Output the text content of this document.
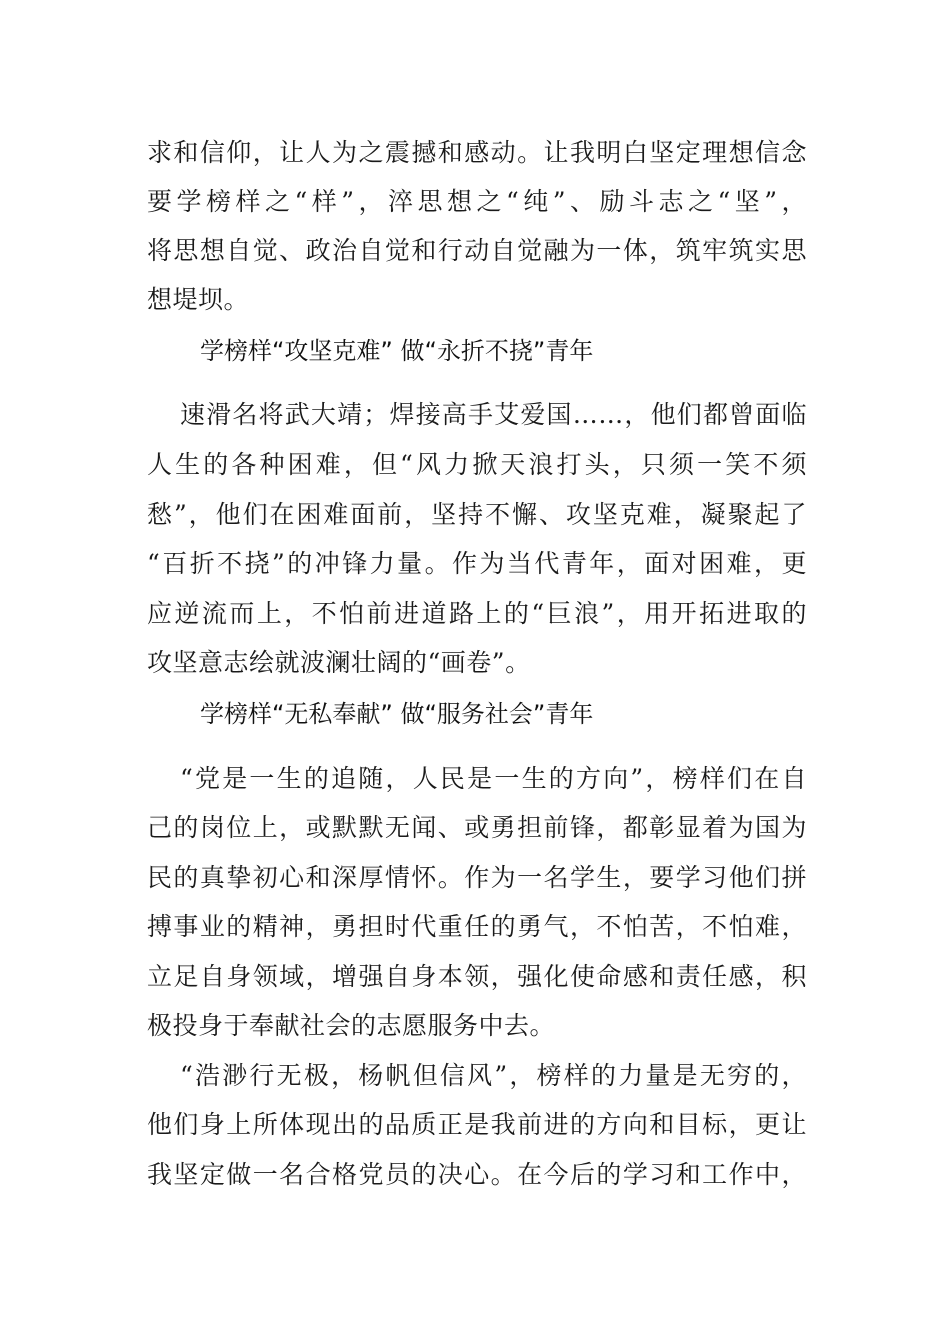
求和信仰，让人为之震撼和感动。让我明白坚定理想信念
要学榜样之“样”，淬思想之“纯”、励斗志之“坚”，
将思想自觉、政治自觉和行动自觉融为一体，筑牢筑实思
想堤坝。
学榜样“攻坚克难” 做“永折不挠”青年
速滑名将武大靖；焊接高手艾爱国……，他们都曾面临
人生的各种困难，但“风力掀天浪打头，只须一笑不须
愁”，他们在困难面前，坚持不懈、攻坚克难，凝聚起了
“百折不挠”的冲锋力量。作为当代青年，面对困难，更
应逆流而上，不怕前进道路上的“巨浪”，用开拓进取的
攻坚意志绘就波澜壮阔的“画卷”。
学榜样“无私奉献” 做“服务社会”青年
“党是一生的追随，人民是一生的方向”，榜样们在自
己的岗位上，或默默无闻、或勇担前锋，都彰显着为国为
民的真挚初心和深厚情怀。作为一名学生，要学习他们拼
搏事业的精神，勇担时代重任的勇气，不怕苦，不怕难，
立足自身领域，增强自身本领，强化使命感和责任感，积
极投身于奉献社会的志愿服务中去。
“浩渺行无极，杨帆但信风”，榜样的力量是无穷的，
他们身上所体现出的品质正是我前进的方向和目标，更让
我坚定做一名合格党员的决心。在今后的学习和工作中，
